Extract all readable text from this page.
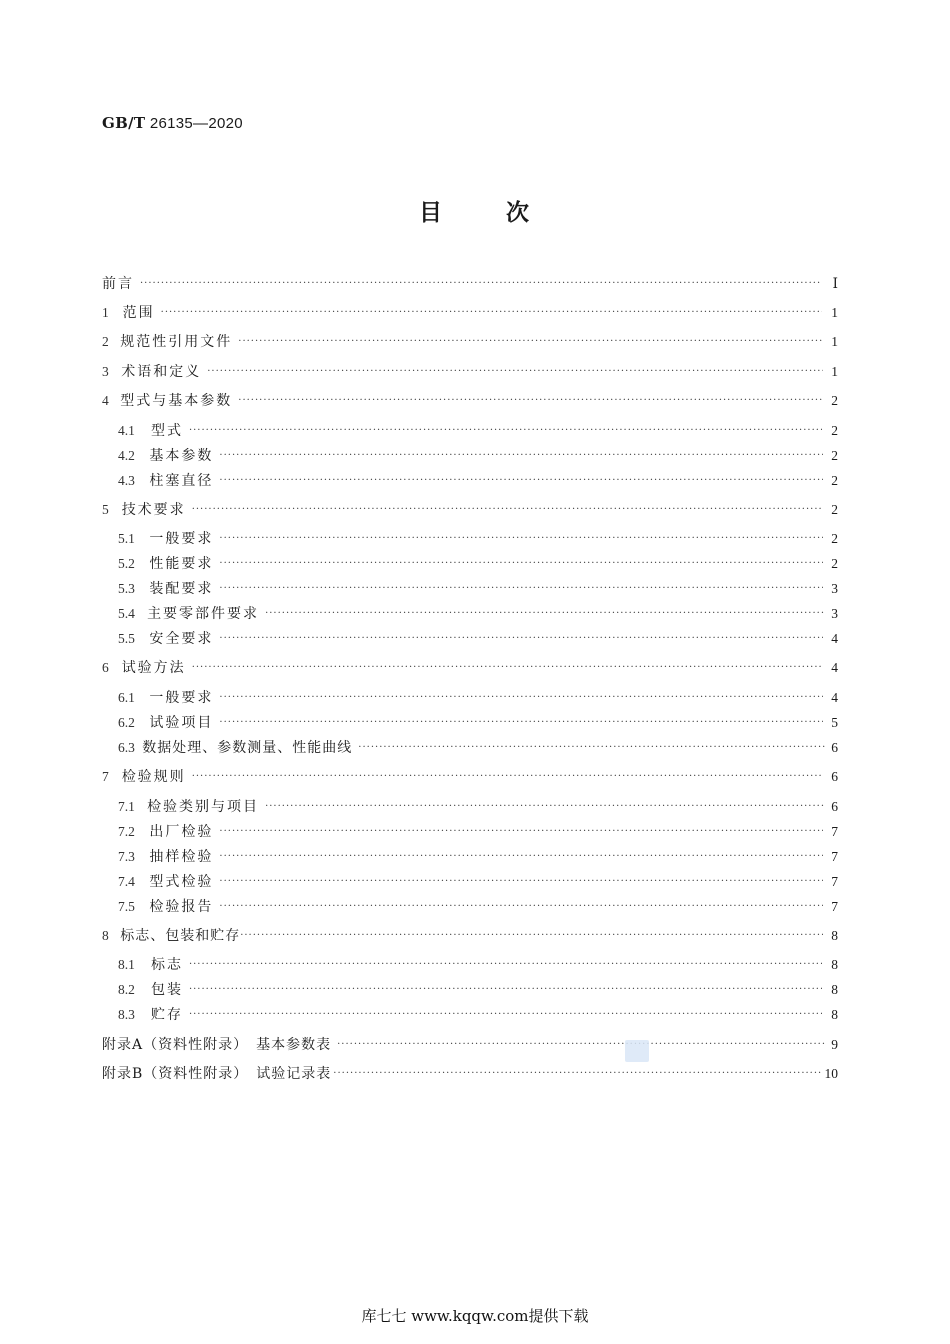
GB/T 26135—2020
目	次
前言 ·····	Ⅰ
1 范围 ·····	1
2 规范性引用文件 ·····	1
3 术语和定义 ·····	1
4 型式与基本参数 ·····	2
4.1	型式 ·····	2
4.2	基本参数 ·····	2
4.3	柱塞直径 ·····	2
5 技术要求 ·····	2
5.1	一般要求 ·····	2
5.2	性能要求 ·····	2
5.3	装配要求 ·····	3
5.4 主要零部件要求 ·····	3
5.5	安全要求 ·····	4
6 试验方法 ·····	4
6.1	一般要求 ·····	4
6.2	试验项目 ·····	5
6.3 数据处理、参数测量、性能曲线 ·····	6
7 检验规则 ·····	6
7.1 检验类别与项目 ·····	6
7.2	出厂检验 ·····	7
7.3	抽样检验 ·····	7
7.4	型式检验 ·····	7
7.5	检验报告 ·····	7
8 标志、包装和贮存 ·····	8
8.1	标志 ·····	8
8.2	包装 ·····	8
8.3	贮存 ·····	8
附录A（资料性附录）　基本参数表 ·····	9
附录B（资料性附录）　试验记录表 ·····	10
库七七 www.kqqw.com提供下载
